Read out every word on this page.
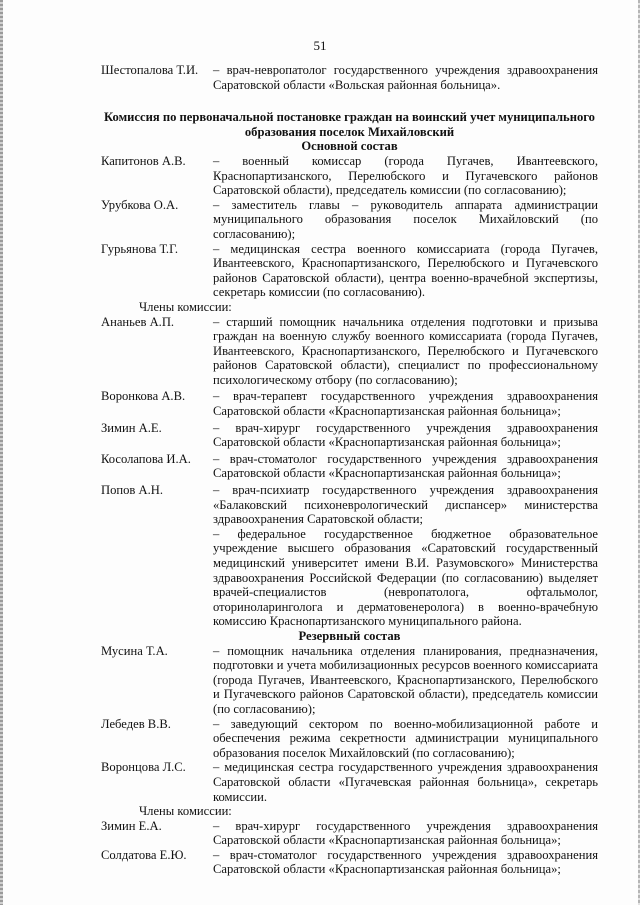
51
Шестопалова Т.И.	– врач-невропатолог государственного учреждения здравоохранения Саратовской области «Вольская районная больница».
Комиссия по первоначальной постановке граждан на воинский учет муниципального образования поселок Михайловский
Основной состав
Капитонов А.В.	– военный комиссар (города Пугачев, Ивантеевского, Краснопартизанского, Перелюбского и Пугачевского районов Саратовской области), председатель комиссии (по согласованию);
Урубкова О.А.	– заместитель главы – руководитель аппарата администрации муниципального образования поселок Михайловский (по согласованию);
Гурьянова Т.Г.	– медицинская сестра военного комиссариата (города Пугачев, Ивантеевского, Краснопартизанского, Перелюбского и Пугачевского районов Саратовской области), центра военно-врачебной экспертизы, секретарь комиссии (по согласованию).
Члены комиссии:
Ананьев А.П.	– старший помощник начальника отделения подготовки и призыва граждан на военную службу военного комиссариата (города Пугачев, Ивантеевского, Краснопартизанского, Перелюбского и Пугачевского районов Саратовской области), специалист по профессиональному психологическому отбору (по согласованию);
Воронкова А.В.	– врач-терапевт государственного учреждения здравоохранения Саратовской области «Краснопартизанская районная больница»;
Зимин А.Е.	– врач-хирург государственного учреждения здравоохранения Саратовской области «Краснопартизанская районная больница»;
Косолапова И.А.	– врач-стоматолог государственного учреждения здравоохранения Саратовской области «Краснопартизанская районная больница»;
Попов А.Н.	– врач-психиатр государственного учреждения здравоохранения «Балаковский психоневрологический диспансер» министерства здравоохранения Саратовской области;
– федеральное государственное бюджетное образовательное учреждение высшего образования «Саратовский государственный медицинский университет имени В.И. Разумовского» Министерства здравоохранения Российской Федерации (по согласованию) выделяет врачей-специалистов (невропатолога, офтальмолог, оториноларинголога и дерматовенеролога) в военно-врачебную комиссию Краснопартизанского муниципального района.
Резервный состав
Мусина Т.А.	– помощник начальника отделения планирования, предназначения, подготовки и учета мобилизационных ресурсов военного комиссариата (города Пугачев, Ивантеевского, Краснопартизанского, Перелюбского и Пугачевского районов Саратовской области), председатель комиссии (по согласованию);
Лебедев В.В.	– заведующий сектором по военно-мобилизационной работе и обеспечения режима секретности администрации муниципального образования поселок Михайловский (по согласованию);
Воронцова Л.С.	– медицинская сестра государственного учреждения здравоохранения Саратовской области «Пугачевская районная больница», секретарь комиссии.
Члены комиссии:
Зимин Е.А.	– врач-хирург государственного учреждения здравоохранения Саратовской области «Краснопартизанская районная больница»;
Солдатова Е.Ю.	– врач-стоматолог государственного учреждения здравоохранения Саратовской области «Краснопартизанская районная больница»;
